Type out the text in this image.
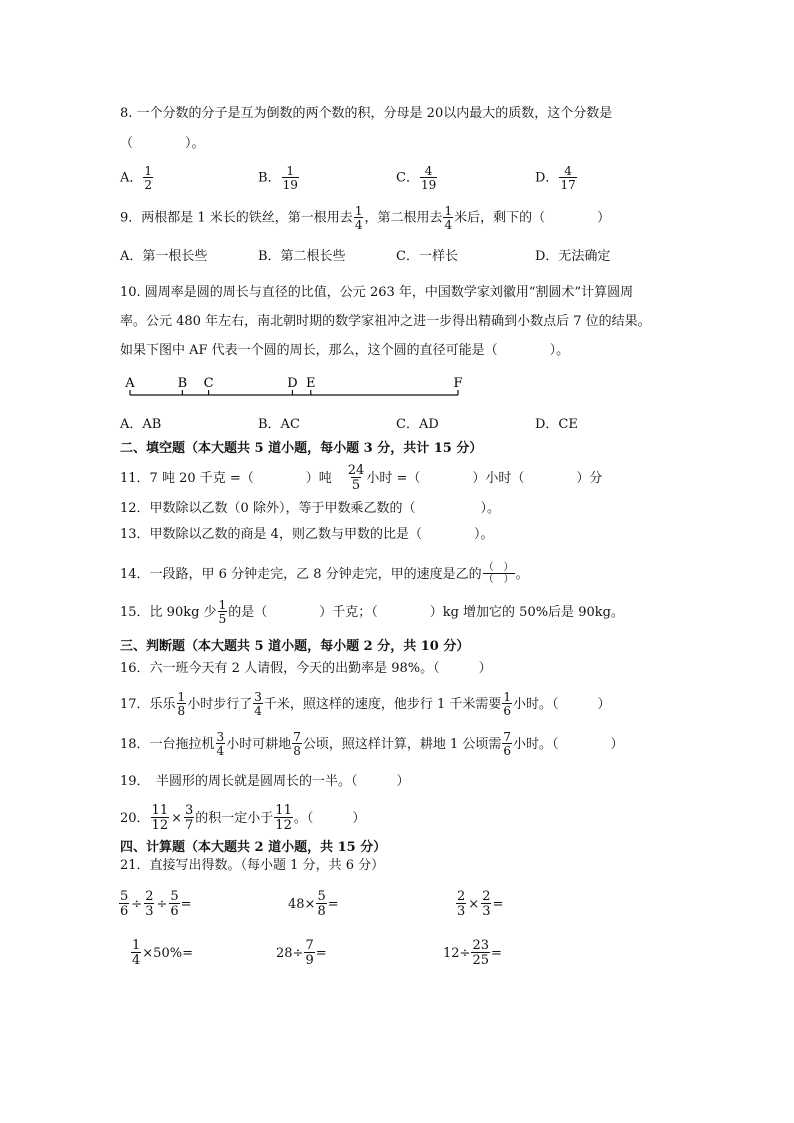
8. 一个分数的分子是互为倒数的两个数的积，分母是 20以内最大的质数，这个分数是
（　　　　）。
A． $\frac{1}{2}$	B． $\frac{1}{19}$	C． $\frac{4}{19}$	D． $\frac{4}{17}$
9．两根都是 1 米长的铁丝，第一根用去 $\frac{1}{4}$ ，第二根用去 $\frac{1}{4}$ 米后，剩下的（　　　　）
A．第一根长些	B．第二根长些	C．一样长	D．无法确定
10. 圆周率是圆的周长与直径的比值，公元 263 年，中国数学家刘徽用“割圆术”计算圆周
率。公元 480 年左右，南北朝时期的数学家祖冲之进一步得出精确到小数点后 7 位的结果。
如果下图中 AF 代表一个圆的周长，那么，这个圆的直径可能是（　　　　）。
A	B C	D E	F
A．AB	B．AC	C．AD	D．CE
二、填空题（本大题共 5 道小题，每小题 3 分，共计 15 分）
11．7 吨 20 千克 =（　　　　）吨 24
5 小时 =（　　　　）小时（　　　　）分
12．甲数除以乙数（0 除外），等于甲数乘乙数的（　　　　　）。
13．甲数除以乙数的商是 4，则乙数与甲数的比是（　　　　）。
14．一段路，甲 6 分钟走完，乙 8 分钟走完，甲的速度是乙的 （　）
（　） 。
15．比 90kg 少 1
5 的是（　　　　）千克；（　　　　）kg 增加它的 50%后是 90kg。
三、判断题（本大题共 5 道小题，每小题 2 分，共 10 分）
16．六一班今天有 2 人请假，今天的出勤率是 98%。（　　　）
17．乐乐 1
8 小时步行了 3
4 千米，照这样的速度，他步行 1 千米需要 1
6 小时。（　　　）
18．一台拖拉机 3
4 小时可耕地 7
8 公顷，照这样计算，耕地 1 公顷需 7
6 小时。（　　　　）
19．　半圆形的周长就是圆周长的一半。（　　　）
20． $\frac{11}{12} \times \frac{3}{7}$ 的积一定小于 11
12 。（　　　）
四、计算题（本大题共 2 道小题，共 15 分）
21．直接写出得数。（每小题 1 分，共 6 分）
$\frac{5}{6} \div \frac{2}{3} \div \frac{5}{6}$ =	$48\times \frac{5}{8}$ =	$\frac{2}{3} \times \frac{2}{3}$ =
$\frac{1}{4} \times 50\%=$	$28\div \frac{7}{9}$ =	$12\div \frac{23}{25}$ =
